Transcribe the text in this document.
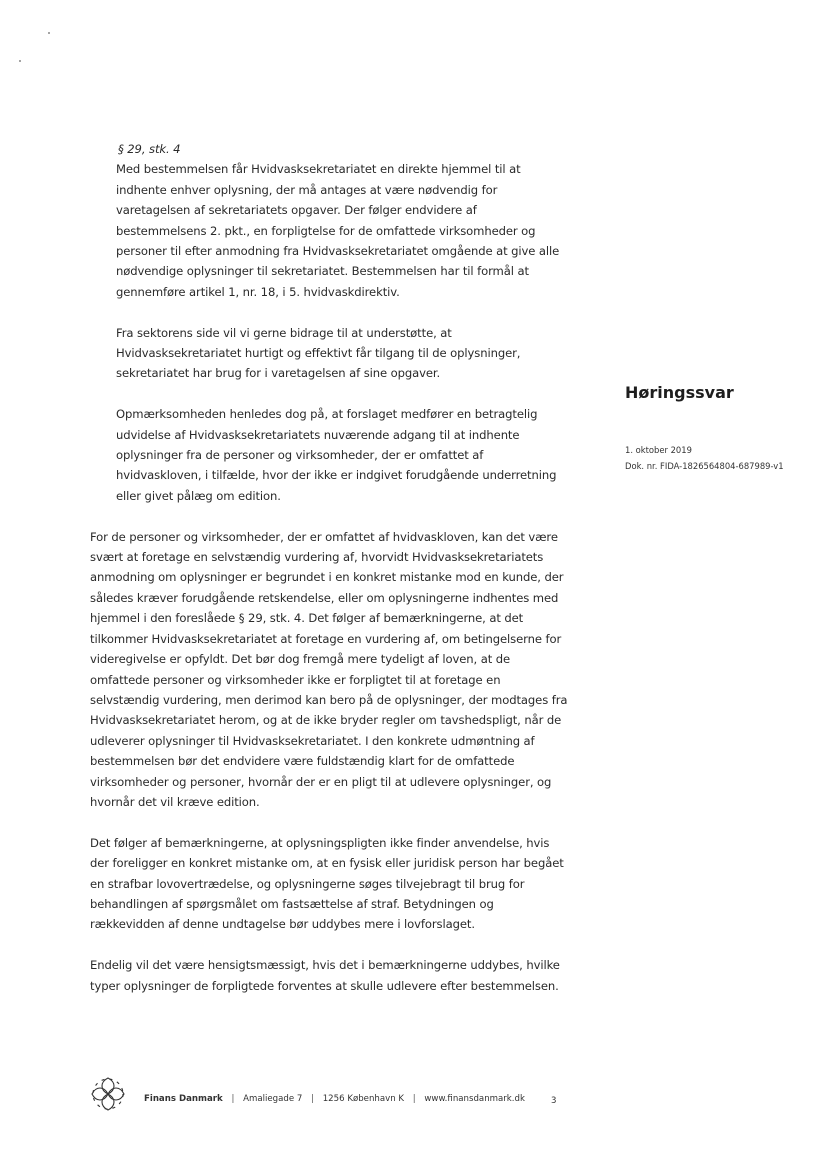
§ 29, stk. 4

Med bestemmelsen får Hvidvasksekretariatet en direkte hjemmel til at indhente enhver oplysning, der må antages at være nødvendig for varetagelsen af sekretariatets opgaver. Der følger endvidere af bestemmelsens 2. pkt., en forpligtelse for de omfattede virksomheder og personer til efter anmodning fra Hvidvasksekretariatet omgående at give alle nødvendige oplysninger til sekretariatet. Bestemmelsen har til formål at gennemføre artikel 1, nr. 18, i 5. hvidvaskdirektiv.

Fra sektorens side vil vi gerne bidrage til at understøtte, at Hvidvasksekretariatet hurtigt og effektivt får tilgang til de oplysninger, sekretariatet har brug for i varetagelsen af sine opgaver.

Opmærksomheden henledes dog på, at forslaget medfører en betragtelig udvidelse af Hvidvasksekretariatets nuværende adgang til at indhente oplysninger fra de personer og virksomheder, der er omfattet af hvidvaskloven, i tilfælde, hvor der ikke er indgivet forudgående underretning eller givet pålæg om edition.

For de personer og virksomheder, der er omfattet af hvidvaskloven, kan det være svært at foretage en selvstændig vurdering af, hvorvidt Hvidvasksekretariatets anmodning om oplysninger er begrundet i en konkret mistanke mod en kunde, der således kræver forudgående retskendelse, eller om oplysningerne indhentes med hjemmel i den foreslåede § 29, stk. 4. Det følger af bemærkningerne, at det tilkommer Hvidvasksekretariatet at foretage en vurdering af, om betingelserne for videregivelse er opfyldt. Det bør dog fremgå mere tydeligt af loven, at de omfattede personer og virksomheder ikke er forpligtet til at foretage en selvstændig vurdering, men derimod kan bero på de oplysninger, der modtages fra Hvidvasksekretariatet herom, og at de ikke bryder regler om tavshedspligt, når de udleverer oplysninger til Hvidvasksekretariatet. I den konkrete udmøntning af bestemmelsen bør det endvidere være fuldstændig klart for de omfattede virksomheder og personer, hvornår der er en pligt til at udlevere oplysninger, og hvornår det vil kræve edition.

Det følger af bemærkningerne, at oplysningspligten ikke finder anvendelse, hvis der foreligger en konkret mistanke om, at en fysisk eller juridisk person har begået en strafbar lovovertrædelse, og oplysningerne søges tilvejebragt til brug for behandlingen af spørgsmålet om fastsættelse af straf. Betydningen og rækkevidden af denne undtagelse bør uddybes mere i lovforslaget.

Endelig vil det være hensigtsmæssigt, hvis det i bemærkningerne uddybes, hvilke typer oplysninger de forpligtede forventes at skulle udlevere efter bestemmelsen.

Høringssvar

1. oktober 2019

Dok. nr. FIDA-1826564804-687989-v1

Finans Danmark | Amaliegade 7 | 1256 København K | www.finansdanmark.dk	3
